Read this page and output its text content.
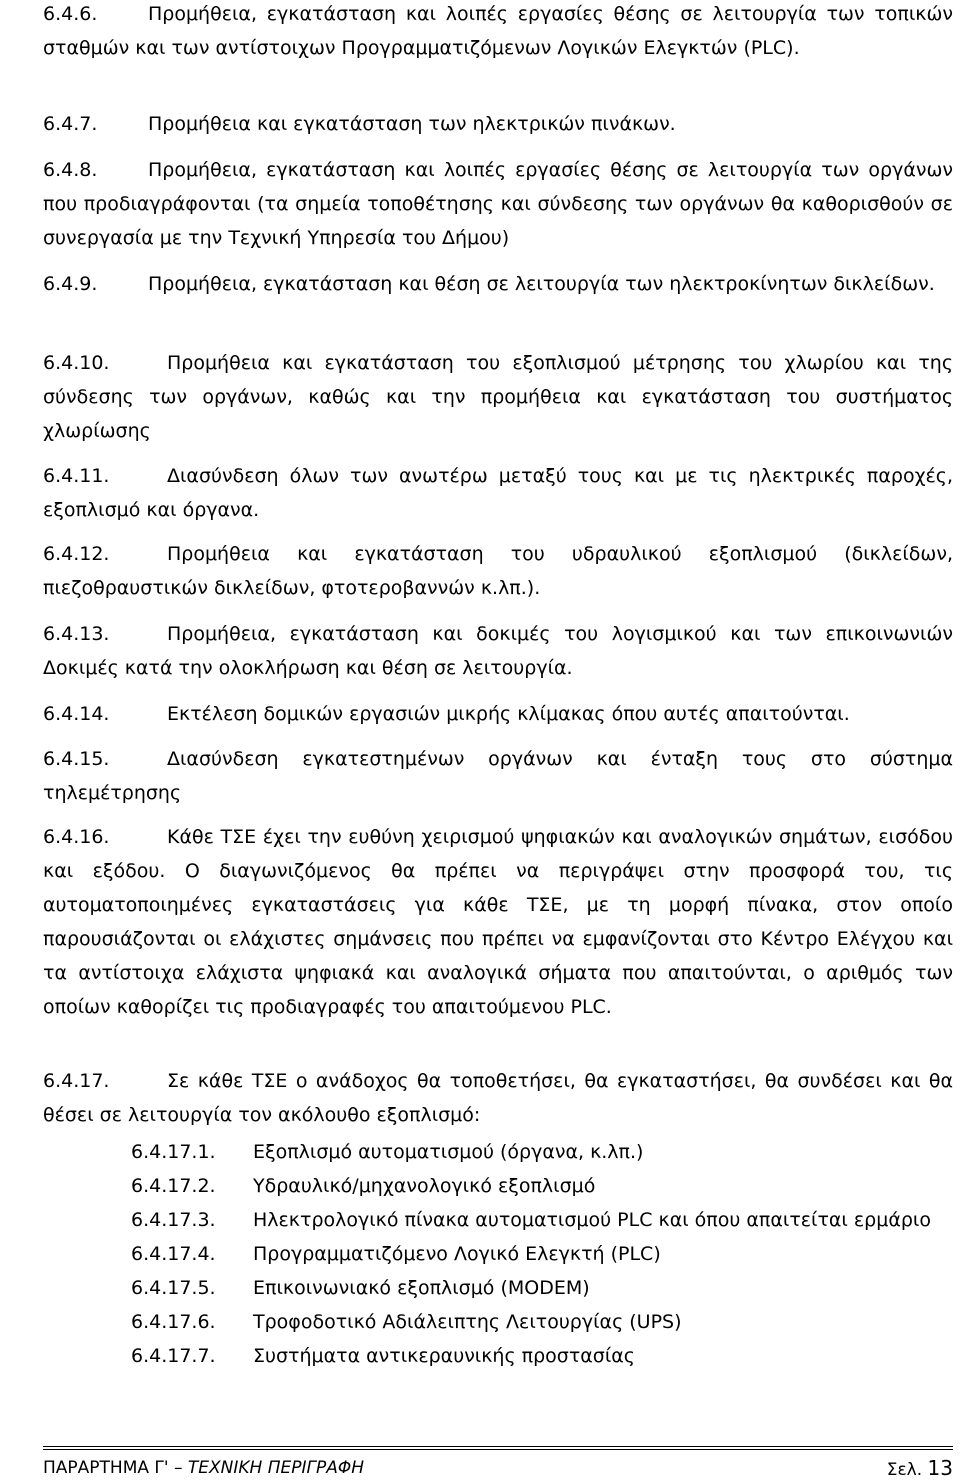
6.4.6.	Προμήθεια, εγκατάσταση και λοιπές εργασίες θέσης σε λειτουργία των τοπικών σταθμών και των αντίστοιχων Προγραμματιζόμενων Λογικών Ελεγκτών (PLC).

6.4.7.	Προμήθεια και εγκατάσταση των ηλεκτρικών πινάκων.

6.4.8.	Προμήθεια, εγκατάσταση και λοιπές εργασίες θέσης σε λειτουργία των οργάνων που προδιαγράφονται (τα σημεία τοποθέτησης και σύνδεσης των οργάνων θα καθορισθούν σε συνεργασία με την Τεχνική Υπηρεσία του Δήμου)

6.4.9.	Προμήθεια, εγκατάσταση και θέση σε λειτουργία των ηλεκτροκίνητων δικλείδων.

6.4.10.	Προμήθεια και εγκατάσταση του εξοπλισμού μέτρησης του χλωρίου και της σύνδεσης των οργάνων, καθώς και την προμήθεια και εγκατάσταση του συστήματος χλωρίωσης

6.4.11.	Διασύνδεση όλων των ανωτέρω μεταξύ τους και με τις ηλεκτρικές παροχές, εξοπλισμό και όργανα.

6.4.12.	Προμήθεια και εγκατάσταση του υδραυλικού εξοπλισμού (δικλείδων, πιεζοθραυστικών δικλείδων, φτοτεροβαννών κ.λπ.).

6.4.13.	Προμήθεια, εγκατάσταση και δοκιμές του λογισμικού και των επικοινωνιών Δοκιμές κατά την ολοκλήρωση και θέση σε λειτουργία.

6.4.14.	Εκτέλεση δομικών εργασιών μικρής κλίμακας όπου αυτές απαιτούνται.

6.4.15.	Διασύνδεση εγκατεστημένων οργάνων και ένταξη τους στο σύστημα τηλεμέτρησης

6.4.16.	Κάθε ΤΣΕ έχει την ευθύνη χειρισμού ψηφιακών και αναλογικών σημάτων, εισόδου και εξόδου. Ο διαγωνιζόμενος θα πρέπει να περιγράψει στην προσφορά του, τις αυτοματοποιημένες εγκαταστάσεις για κάθε ΤΣΕ, με τη μορφή πίνακα, στον οποίο παρουσιάζονται οι ελάχιστες σημάνσεις που πρέπει να εμφανίζονται στο Κέντρο Ελέγχου και τα αντίστοιχα ελάχιστα ψηφιακά και αναλογικά σήματα που απαιτούνται, ο αριθμός των οποίων καθορίζει τις προδιαγραφές του απαιτούμενου PLC.

6.4.17.	Σε κάθε ΤΣΕ ο ανάδοχος θα τοποθετήσει, θα εγκαταστήσει, θα συνδέσει και θα θέσει σε λειτουργία τον ακόλουθο εξοπλισμό:

6.4.17.1. Εξοπλισμό αυτοματισμού (όργανα, κ.λπ.)
6.4.17.2. Υδραυλικό/μηχανολογικό εξοπλισμό
6.4.17.3. Ηλεκτρολογικό πίνακα αυτοματισμού PLC και όπου απαιτείται ερμάριο
6.4.17.4. Προγραμματιζόμενο Λογικό Ελεγκτή (PLC)
6.4.17.5. Επικοινωνιακό εξοπλισμό (MODEM)
6.4.17.6. Τροφοδοτικό Αδιάλειπτης Λειτουργίας (UPS)
6.4.17.7. Συστήματα αντικεραυνικής προστασίας
ΠΑΡΑΡΤΗΜΑ Γ' – ΤΕΧΝΙΚΗ ΠΕΡΙΓΡΑΦΗ	Σελ. 13
